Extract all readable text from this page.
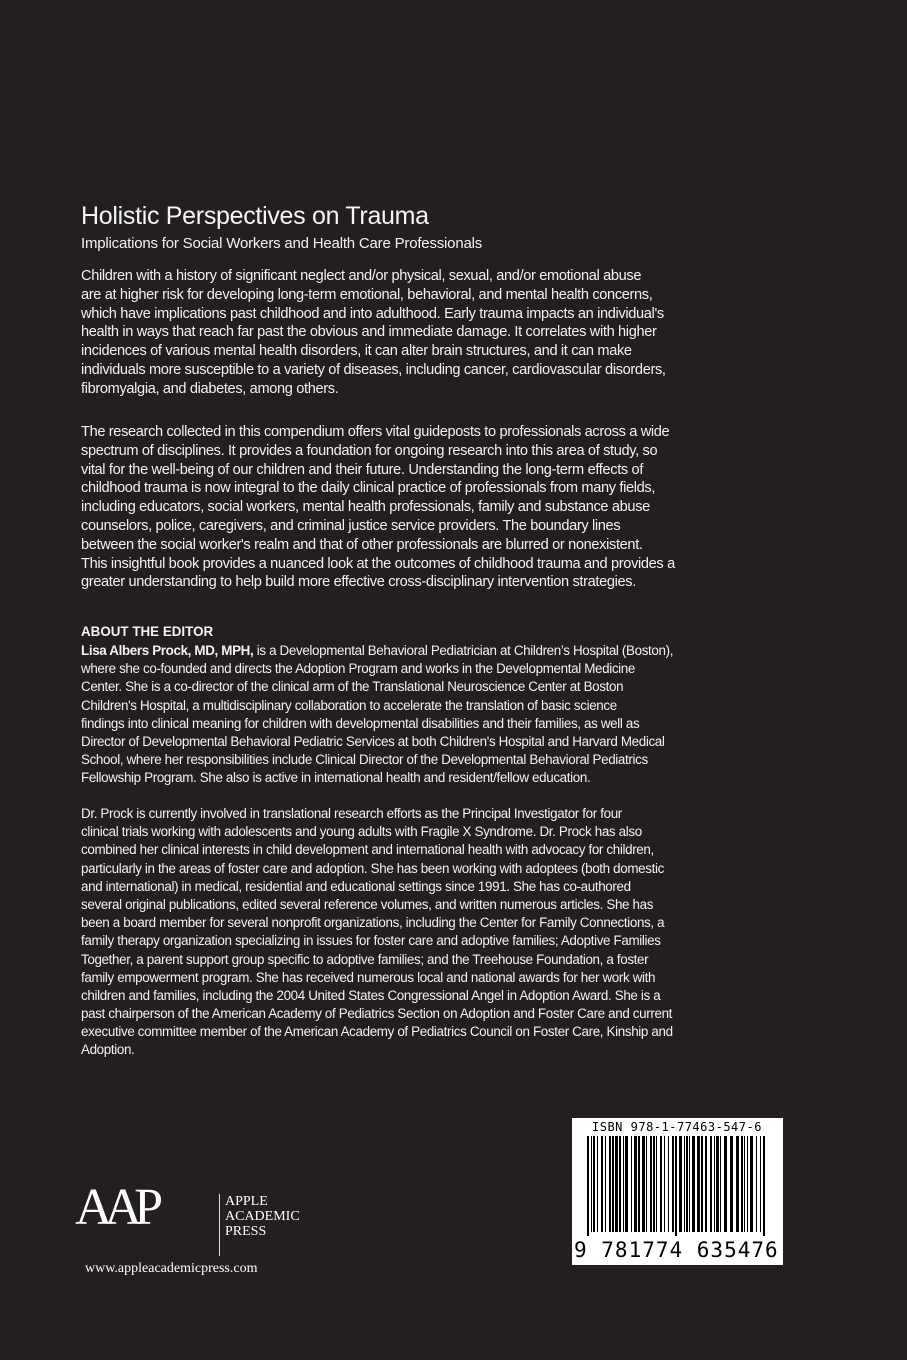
Holistic Perspectives on Trauma
Implications for Social Workers and Health Care Professionals
Children with a history of significant neglect and/or physical, sexual, and/or emotional abuse
are at higher risk for developing long-term emotional, behavioral, and mental health concerns,
which have implications past childhood and into adulthood. Early trauma impacts an individual's
health in ways that reach far past the obvious and immediate damage. It correlates with higher
incidences of various mental health disorders, it can alter brain structures, and it can make
individuals more susceptible to a variety of diseases, including cancer, cardiovascular disorders,
fibromyalgia, and diabetes, among others.
The research collected in this compendium offers vital guideposts to professionals across a wide
spectrum of disciplines. It provides a foundation for ongoing research into this area of study, so
vital for the well-being of our children and their future. Understanding the long-term effects of
childhood trauma is now integral to the daily clinical practice of professionals from many fields,
including educators, social workers, mental health professionals, family and substance abuse
counselors, police, caregivers, and criminal justice service providers. The boundary lines
between the social worker's realm and that of other professionals are blurred or nonexistent.
This insightful book provides a nuanced look at the outcomes of childhood trauma and provides a
greater understanding to help build more effective cross-disciplinary intervention strategies.
ABOUT THE EDITOR
Lisa Albers Prock, MD, MPH, is a Developmental Behavioral Pediatrician at Children’s Hospital (Boston),
where she co-founded and directs the Adoption Program and works in the Developmental Medicine
Center. She is a co-director of the clinical arm of the Translational Neuroscience Center at Boston
Children's Hospital, a multidisciplinary collaboration to accelerate the translation of basic science
findings into clinical meaning for children with developmental disabilities and their families, as well as
Director of Developmental Behavioral Pediatric Services at both Children's Hospital and Harvard Medical
School, where her responsibilities include Clinical Director of the Developmental Behavioral Pediatrics
Fellowship Program. She also is active in international health and resident/fellow education.
Dr. Prock is currently involved in translational research efforts as the Principal Investigator for four
clinical trials working with adolescents and young adults with Fragile X Syndrome. Dr. Prock has also
combined her clinical interests in child development and international health with advocacy for children,
particularly in the areas of foster care and adoption. She has been working with adoptees (both domestic
and international) in medical, residential and educational settings since 1991. She has co-authored
several original publications, edited several reference volumes, and written numerous articles. She has
been a board member for several nonprofit organizations, including the Center for Family Connections, a
family therapy organization specializing in issues for foster care and adoptive families; Adoptive Families
Together, a parent support group specific to adoptive families; and the Treehouse Foundation, a foster
family empowerment program. She has received numerous local and national awards for her work with
children and families, including the 2004 United States Congressional Angel in Adoption Award. She is a
past chairperson of the American Academy of Pediatrics Section on Adoption and Foster Care and current
executive committee member of the American Academy of Pediatrics Council on Foster Care, Kinship and
Adoption.
AAP	APPLE
ACADEMIC
PRESS
www.appleacademicpress.com
ISBN 978-1-77463-547-6
9 781774 635476
